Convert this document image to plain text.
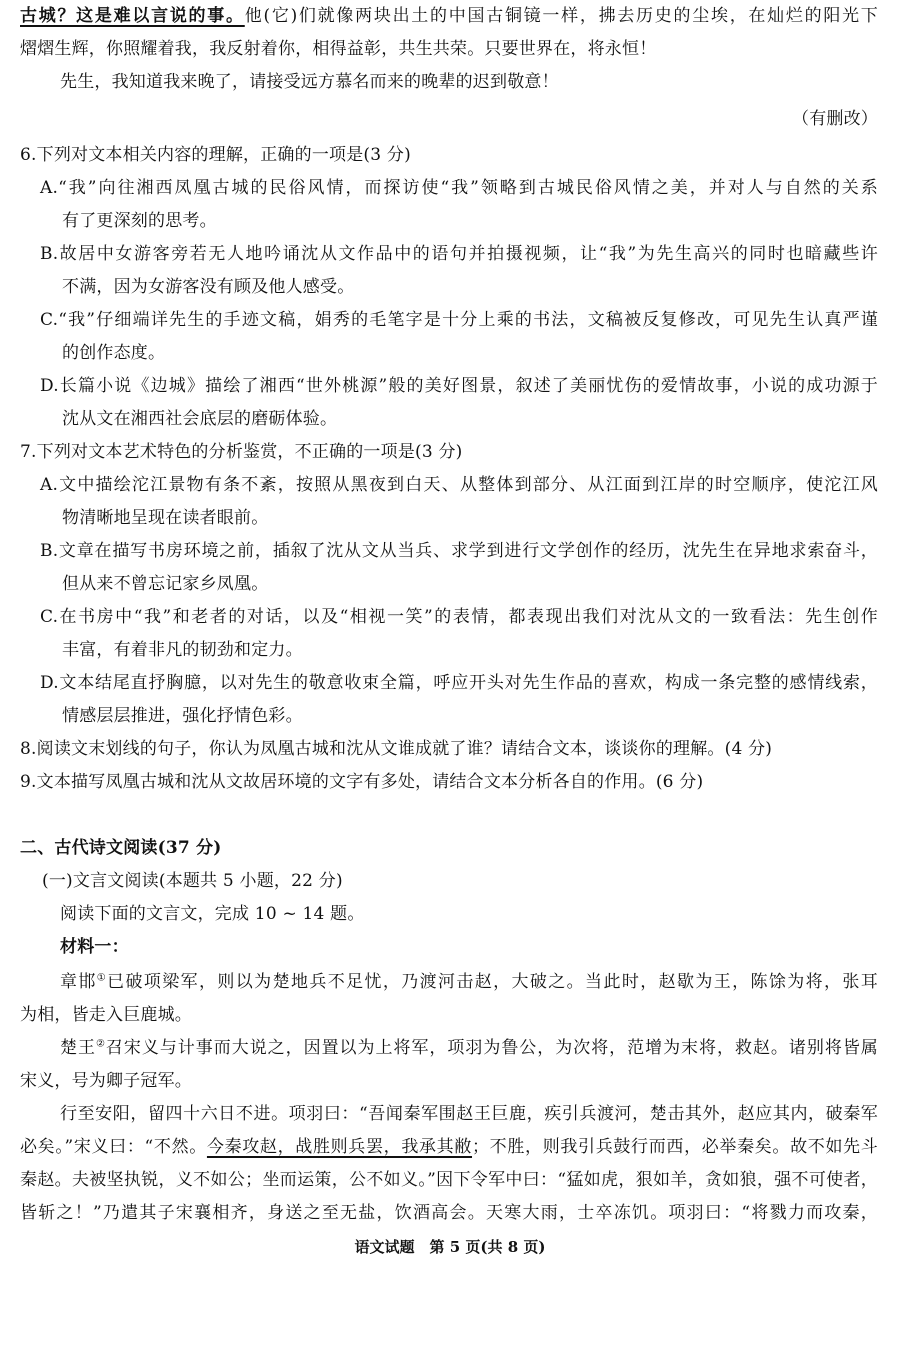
古城？这是难以言说的事。他(它)们就像两块出土的中国古铜镜一样，拂去历史的尘埃，在灿烂的阳光下
熠熠生辉，你照耀着我，我反射着你，相得益彰，共生共荣。只要世界在，将永恒！
先生，我知道我来晚了，请接受远方慕名而来的晚辈的迟到敬意！
（有删改）
6.下列对文本相关内容的理解，正确的一项是(3 分)
A.“我”向往湘西凤凰古城的民俗风情，而探访使“我”领略到古城民俗风情之美，并对人与自然的关系
有了更深刻的思考。
B.故居中女游客旁若无人地吟诵沈从文作品中的语句并拍摄视频，让“我”为先生高兴的同时也暗藏些许
不满，因为女游客没有顾及他人感受。
C.“我”仔细端详先生的手迹文稿，娟秀的毛笔字是十分上乘的书法，文稿被反复修改，可见先生认真严谨
的创作态度。
D.长篇小说《边城》描绘了湘西“世外桃源”般的美好图景，叙述了美丽忧伤的爱情故事，小说的成功源于
沈从文在湘西社会底层的磨砺体验。
7.下列对文本艺术特色的分析鉴赏，不正确的一项是(3 分)
A.文中描绘沱江景物有条不紊，按照从黑夜到白天、从整体到部分、从江面到江岸的时空顺序，使沱江风
物清晰地呈现在读者眼前。
B.文章在描写书房环境之前，插叙了沈从文从当兵、求学到进行文学创作的经历，沈先生在异地求索奋斗，
但从来不曾忘记家乡凤凰。
C.在书房中“我”和老者的对话，以及“相视一笑”的表情，都表现出我们对沈从文的一致看法：先生创作
丰富，有着非凡的韧劲和定力。
D.文本结尾直抒胸臆，以对先生的敬意收束全篇，呼应开头对先生作品的喜欢，构成一条完整的感情线索，
情感层层推进，强化抒情色彩。
8.阅读文末划线的句子，你认为凤凰古城和沈从文谁成就了谁？请结合文本，谈谈你的理解。(4 分)
9.文本描写凤凰古城和沈从文故居环境的文字有多处，请结合文本分析各自的作用。(6 分)
二、古代诗文阅读(37 分)
(一)文言文阅读(本题共 5 小题，22 分)
阅读下面的文言文，完成 10 ~ 14 题。
材料一：
章邯①已破项梁军，则以为楚地兵不足忧，乃渡河击赵，大破之。当此时，赵歇为王，陈馀为将，张耳
为相，皆走入巨鹿城。
楚王②召宋义与计事而大说之，因置以为上将军，项羽为鲁公，为次将，范增为末将，救赵。诸别将皆属
宋义，号为卿子冠军。
行至安阳，留四十六日不进。项羽曰：“吾闻秦军围赵王巨鹿，疾引兵渡河，楚击其外，赵应其内，破秦军
必矣。”宋义曰：“不然。今秦攻赵，战胜则兵罢，我承其敝；不胜，则我引兵鼓行而西，必举秦矣。故不如先斗
秦赵。夫被坚执锐，义不如公；坐而运策，公不如义。”因下令军中曰：“猛如虎，狠如羊，贪如狼，强不可使者，
皆斩之！”乃遣其子宋襄相齐，身送之至无盐，饮酒高会。天寒大雨，士卒冻饥。项羽曰：“将戮力而攻秦，
语文试题　第 5 页(共 8 页)
